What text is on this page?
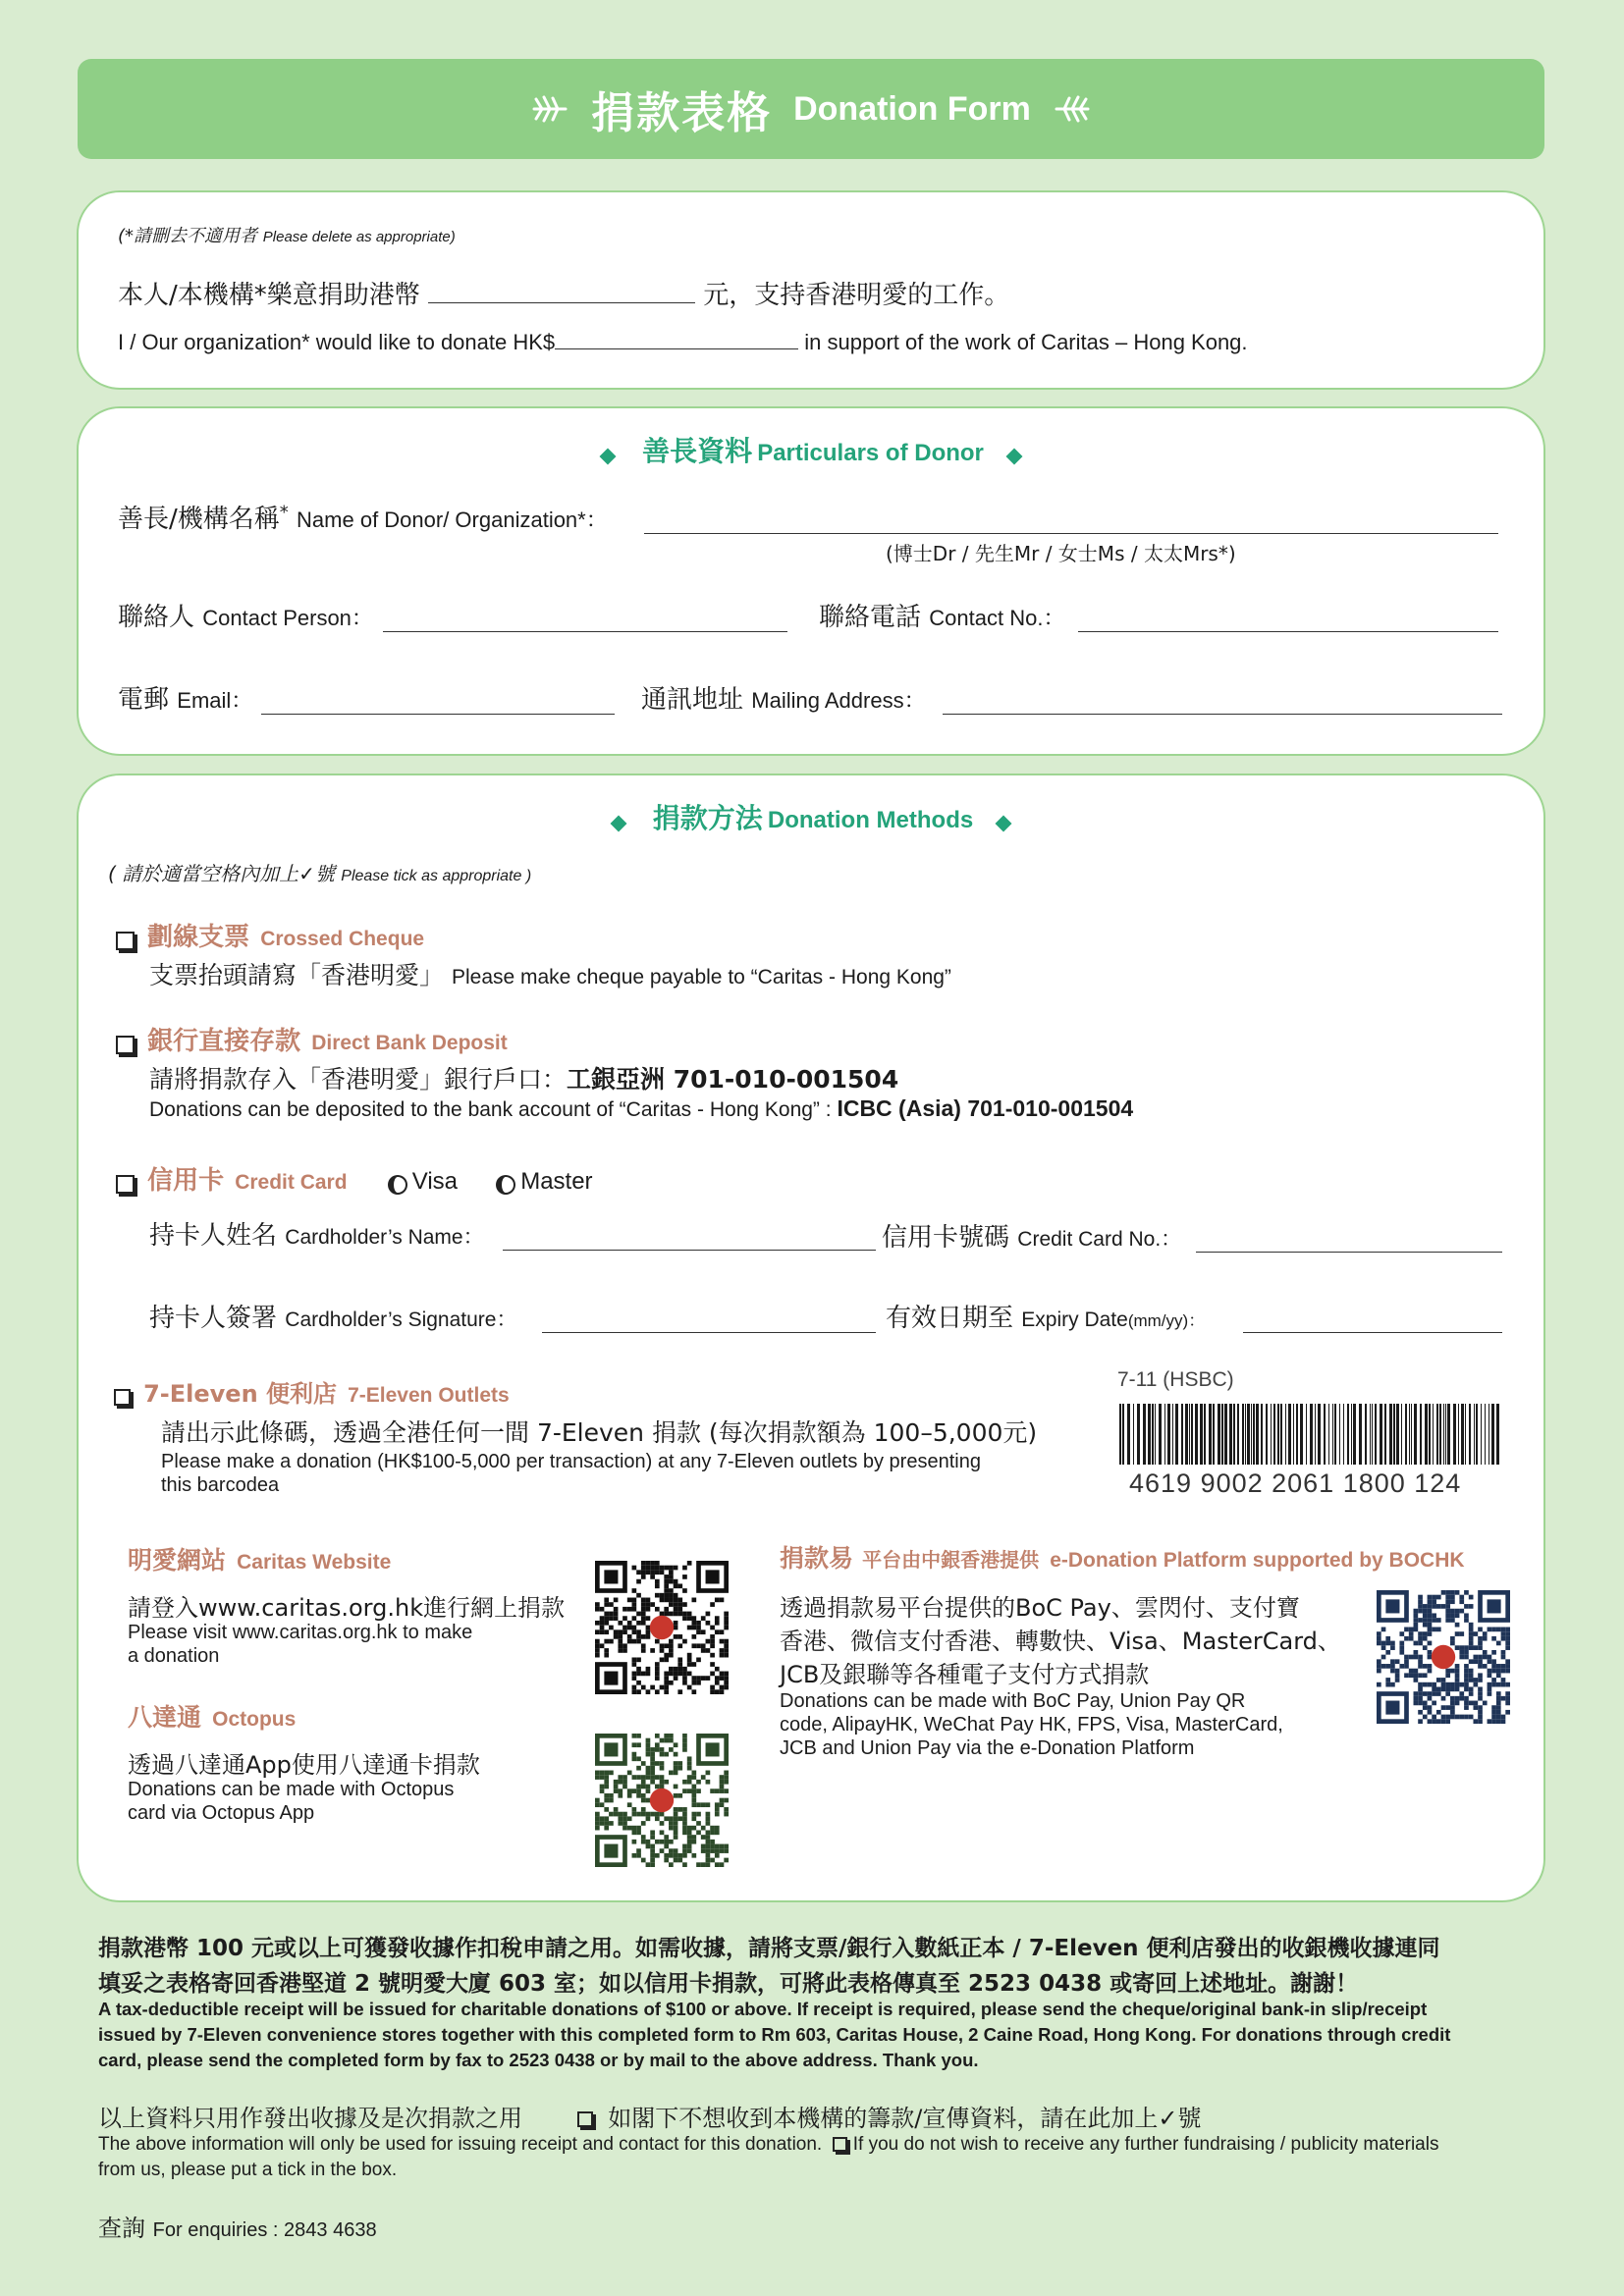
捐款表格 Donation Form
(*請刪去不適用者 Please delete as appropriate)
本人/本機構*樂意捐助港幣	元，支持香港明愛的工作。
I / Our organization* would like to donate HK$	in support of the work of Caritas – Hong Kong.
善長資料 Particulars of Donor
善長/機構名稱* Name of Donor/ Organization*：
(博士Dr / 先生Mr / 女士Ms / 太太Mrs*)
聯絡人 Contact Person：	聯絡電話 Contact No.：
電郵 Email：	通訊地址 Mailing Address：
捐款方法 Donation Methods
( 請於適當空格內加上✓號 Please tick as appropriate )
劃線支票 Crossed Cheque
支票抬頭請寫「香港明愛」 Please make cheque payable to “Caritas - Hong Kong”
銀行直接存款 Direct Bank Deposit
請將捐款存入「香港明愛」銀行戶口：工銀亞洲 701-010-001504
Donations can be deposited to the bank account of “Caritas - Hong Kong” : ICBC (Asia) 701-010-001504
信用卡 Credit Card	Visa	Master
持卡人姓名 Cardholder’s Name：	信用卡號碼 Credit Card No.：
持卡人簽署 Cardholder’s Signature：	有效日期至 Expiry Date(mm/yy)：
7-Eleven 便利店 7-Eleven Outlets
請出示此條碼，透過全港任何一間 7-Eleven 捐款 (每次捐款額為 100–5,000元)
Please make a donation (HK$100-5,000 per transaction) at any 7-Eleven outlets by presenting
this barcodea
7-11 (HSBC)
4619 9002 2061 1800 124
明愛網站 Caritas Website
請登入www.caritas.org.hk進行網上捐款
Please visit www.caritas.org.hk to make
a donation
八達通 Octopus
透過八達通App使用八達通卡捐款
Donations can be made with Octopus
card via Octopus App
捐款易 平台由中銀香港提供 e-Donation Platform supported by BOCHK
透過捐款易平台提供的BoC Pay、雲閃付、支付寶
香港、微信支付香港、轉數快、Visa、MasterCard、
JCB及銀聯等各種電子支付方式捐款
Donations can be made with BoC Pay, Union Pay QR
code, AlipayHK, WeChat Pay HK, FPS, Visa, MasterCard,
JCB and Union Pay via the e-Donation Platform
捐款港幣 100 元或以上可獲發收據作扣稅申請之用。如需收據，請將支票/銀行入數紙正本 / 7-Eleven 便利店發出的收銀機收據連同
填妥之表格寄回香港堅道 2 號明愛大廈 603 室；如以信用卡捐款，可將此表格傳真至 2523 0438 或寄回上述地址。謝謝！
A tax-deductible receipt will be issued for charitable donations of $100 or above. If receipt is required, please send the cheque/original bank-in slip/receipt
issued by 7-Eleven convenience stores together with this completed form to Rm 603, Caritas House, 2 Caine Road, Hong Kong. For donations through credit
card, please send the completed form by fax to 2523 0438 or by mail to the above address. Thank you.
以上資料只用作發出收據及是次捐款之用	如閣下不想收到本機構的籌款/宣傳資料，請在此加上✓號
The above information will only be used for issuing receipt and contact for this donation. If you do not wish to receive any further fundraising / publicity materials
from us, please put a tick in the box.
查詢 For enquiries : 2843 4638
